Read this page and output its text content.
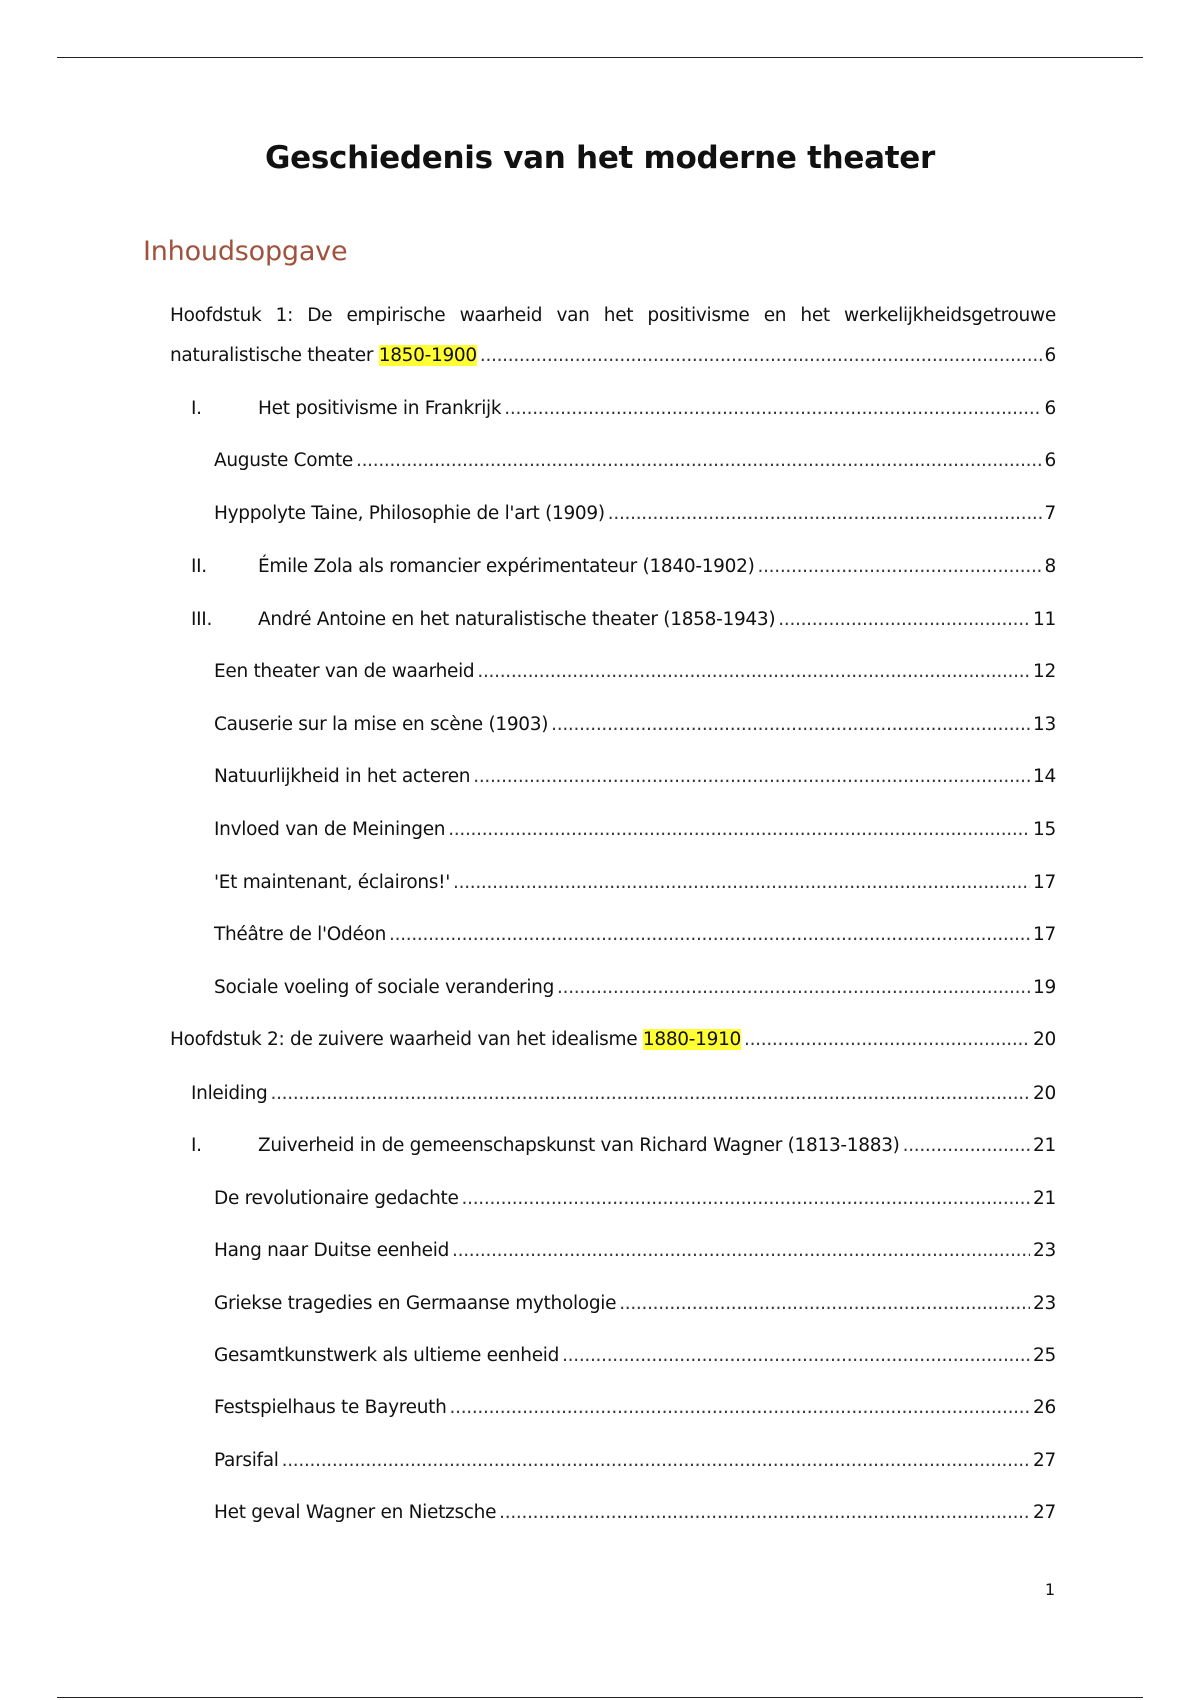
Geschiedenis van het moderne theater
Inhoudsopgave
Hoofdstuk 1: De empirische waarheid van het positivisme en het werkelijkheidsgetrouwe
naturalistische theater 1850-1900 .....	6
I.	Het positivisme in Frankrijk .....	6
Auguste Comte .....	6
Hyppolyte Taine, Philosophie de l'art (1909) .....	7
II.	Émile Zola als romancier expérimentateur (1840-1902) .....	8
III.	André Antoine en het naturalistische theater (1858-1943) .....	11
Een theater van de waarheid .....	12
Causerie sur la mise en scène (1903) .....	13
Natuurlijkheid in het acteren .....	14
Invloed van de Meiningen .....	15
'Et maintenant, éclairons!' .....	17
Théâtre de l'Odéon .....	17
Sociale voeling of sociale verandering .....	19
Hoofdstuk 2: de zuivere waarheid van het idealisme 1880-1910 .....	20
Inleiding .....	20
I.	Zuiverheid in de gemeenschapskunst van Richard Wagner (1813-1883) .....	21
De revolutionaire gedachte .....	21
Hang naar Duitse eenheid .....	23
Griekse tragedies en Germaanse mythologie .....	23
Gesamtkunstwerk als ultieme eenheid .....	25
Festspielhaus te Bayreuth .....	26
Parsifal .....	27
Het geval Wagner en Nietzsche .....	27
1
